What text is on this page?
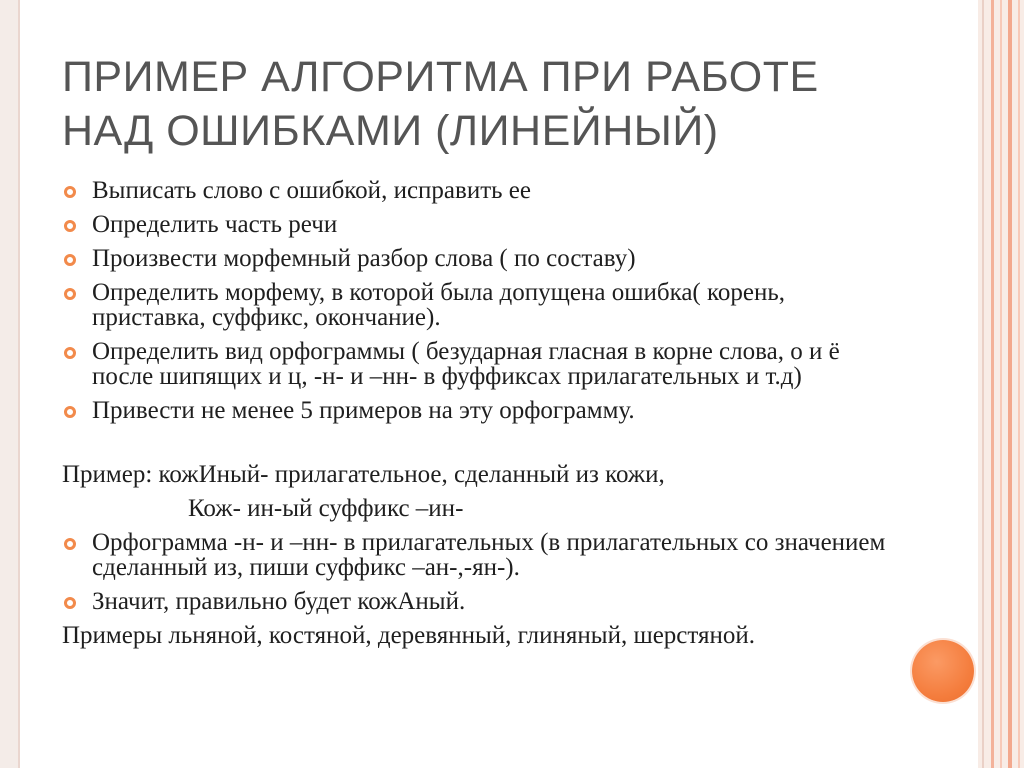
ПРИМЕР АЛГОРИТМА ПРИ РАБОТЕ
НАД ОШИБКАМИ (ЛИНЕЙНЫЙ)
Выписать слово с ошибкой, исправить ее
Определить часть речи
Произвести морфемный разбор слова ( по составу)
Определить морфему, в которой была допущена ошибка( корень, приставка, суффикс, окончание).
Определить вид орфограммы ( безударная гласная в корне слова, о и ё после шипящих и ц, -н- и –нн- в фуффиксах прилагательных и т.д)
Привести не менее 5 примеров на эту орфограмму.
Пример: кожИный- прилагательное, сделанный из кожи,
Кож- ин-ый суффикс –ин-
Орфограмма -н- и –нн- в прилагательных (в прилагательных со значением сделанный из, пиши суффикс –ан-,-ян-).
Значит, правильно будет кожАный.
Примеры льняной, костяной, деревянный, глиняный, шерстяной.
